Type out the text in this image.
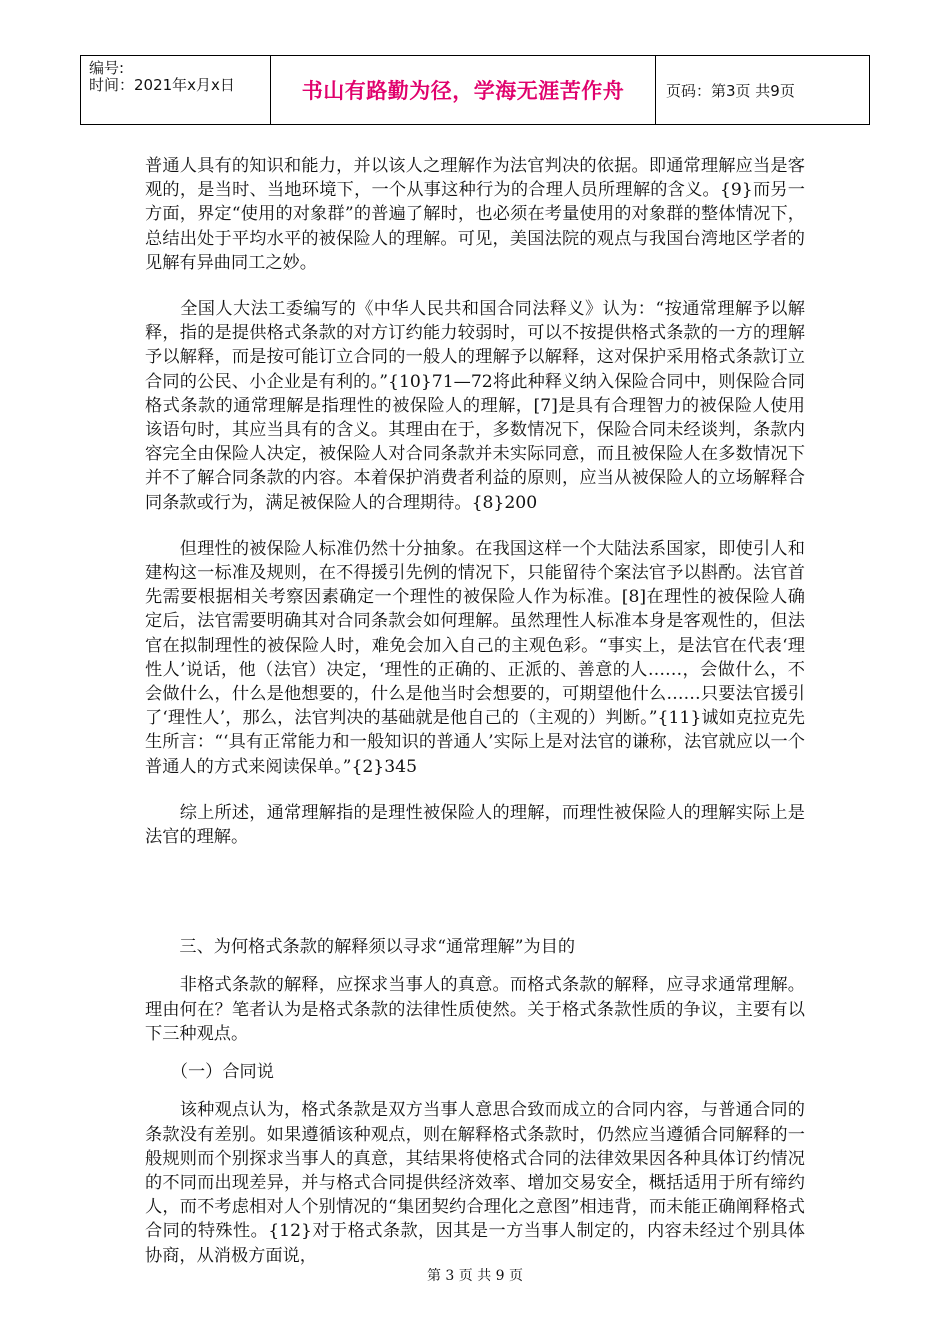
编号:
时间：2021年x月x日	书山有路勤为径，学海无涯苦作舟	页码：第3页 共9页

普通人具有的知识和能力，并以该人之理解作为法官判决的依据。即通常理解应当是客观的，是当时、当地环境下，一个从事这种行为的合理人员所理解的含义。{9}而另一方面，界定“使用的对象群”的普遍了解时，也必须在考量使用的对象群的整体情况下，总结出处于平均水平的被保险人的理解。可见，美国法院的观点与我国台湾地区学者的见解有异曲同工之妙。

　　全国人大法工委编写的《中华人民共和国合同法释义》认为：“按通常理解予以解释，指的是提供格式条款的对方订约能力较弱时，可以不按提供格式条款的一方的理解予以解释，而是按可能订立合同的一般人的理解予以解释，这对保护采用格式条款订立合同的公民、小企业是有利的。”{10}71—72将此种释义纳入保险合同中，则保险合同格式条款的通常理解是指理性的被保险人的理解，[7]是具有合理智力的被保险人使用该语句时，其应当具有的含义。其理由在于，多数情况下，保险合同未经谈判，条款内容完全由保险人决定，被保险人对合同条款并未实际同意，而且被保险人在多数情况下并不了解合同条款的内容。本着保护消费者利益的原则，应当从被保险人的立场解释合同条款或行为，满足被保险人的合理期待。{8}200

　　但理性的被保险人标准仍然十分抽象。在我国这样一个大陆法系国家，即使引人和建构这一标准及规则，在不得援引先例的情况下，只能留待个案法官予以斟酌。法官首先需要根据相关考察因素确定一个理性的被保险人作为标准。[8]在理性的被保险人确定后，法官需要明确其对合同条款会如何理解。虽然理性人标准本身是客观性的，但法官在拟制理性的被保险人时，难免会加入自己的主观色彩。“事实上，是法官在代表‘理性人’说话，他（法官）决定，‘理性的正确的、正派的、善意的人……，会做什么，不会做什么，什么是他想要的，什么是他当时会想要的，可期望他什么……只要法官援引了‘理性人’，那么，法官判决的基础就是他自己的（主观的）判断。”{11}诚如克拉克先生所言：“‘具有正常能力和一般知识的普通人’实际上是对法官的谦称，法官就应以一个普通人的方式来阅读保单。”{2}345

　　综上所述，通常理解指的是理性被保险人的理解，而理性被保险人的理解实际上是法官的理解。

　　三、为何格式条款的解释须以寻求“通常理解”为目的

　　非格式条款的解释，应探求当事人的真意。而格式条款的解释，应寻求通常理解。理由何在？笔者认为是格式条款的法律性质使然。关于格式条款性质的争议，主要有以下三种观点。

　　（一）合同说

　　该种观点认为，格式条款是双方当事人意思合致而成立的合同内容，与普通合同的条款没有差别。如果遵循该种观点，则在解释格式条款时，仍然应当遵循合同解释的一般规则而个别探求当事人的真意，其结果将使格式合同的法律效果因各种具体订约情况的不同而出现差异，并与格式合同提供经济效率、增加交易安全，概括适用于所有缔约人，而不考虑相对人个别情况的“集团契约合理化之意图”相违背，而未能正确阐释格式合同的特殊性。{12}对于格式条款，因其是一方当事人制定的，内容未经过个别具体协商，从消极方面说，

第 3 页 共 9 页
